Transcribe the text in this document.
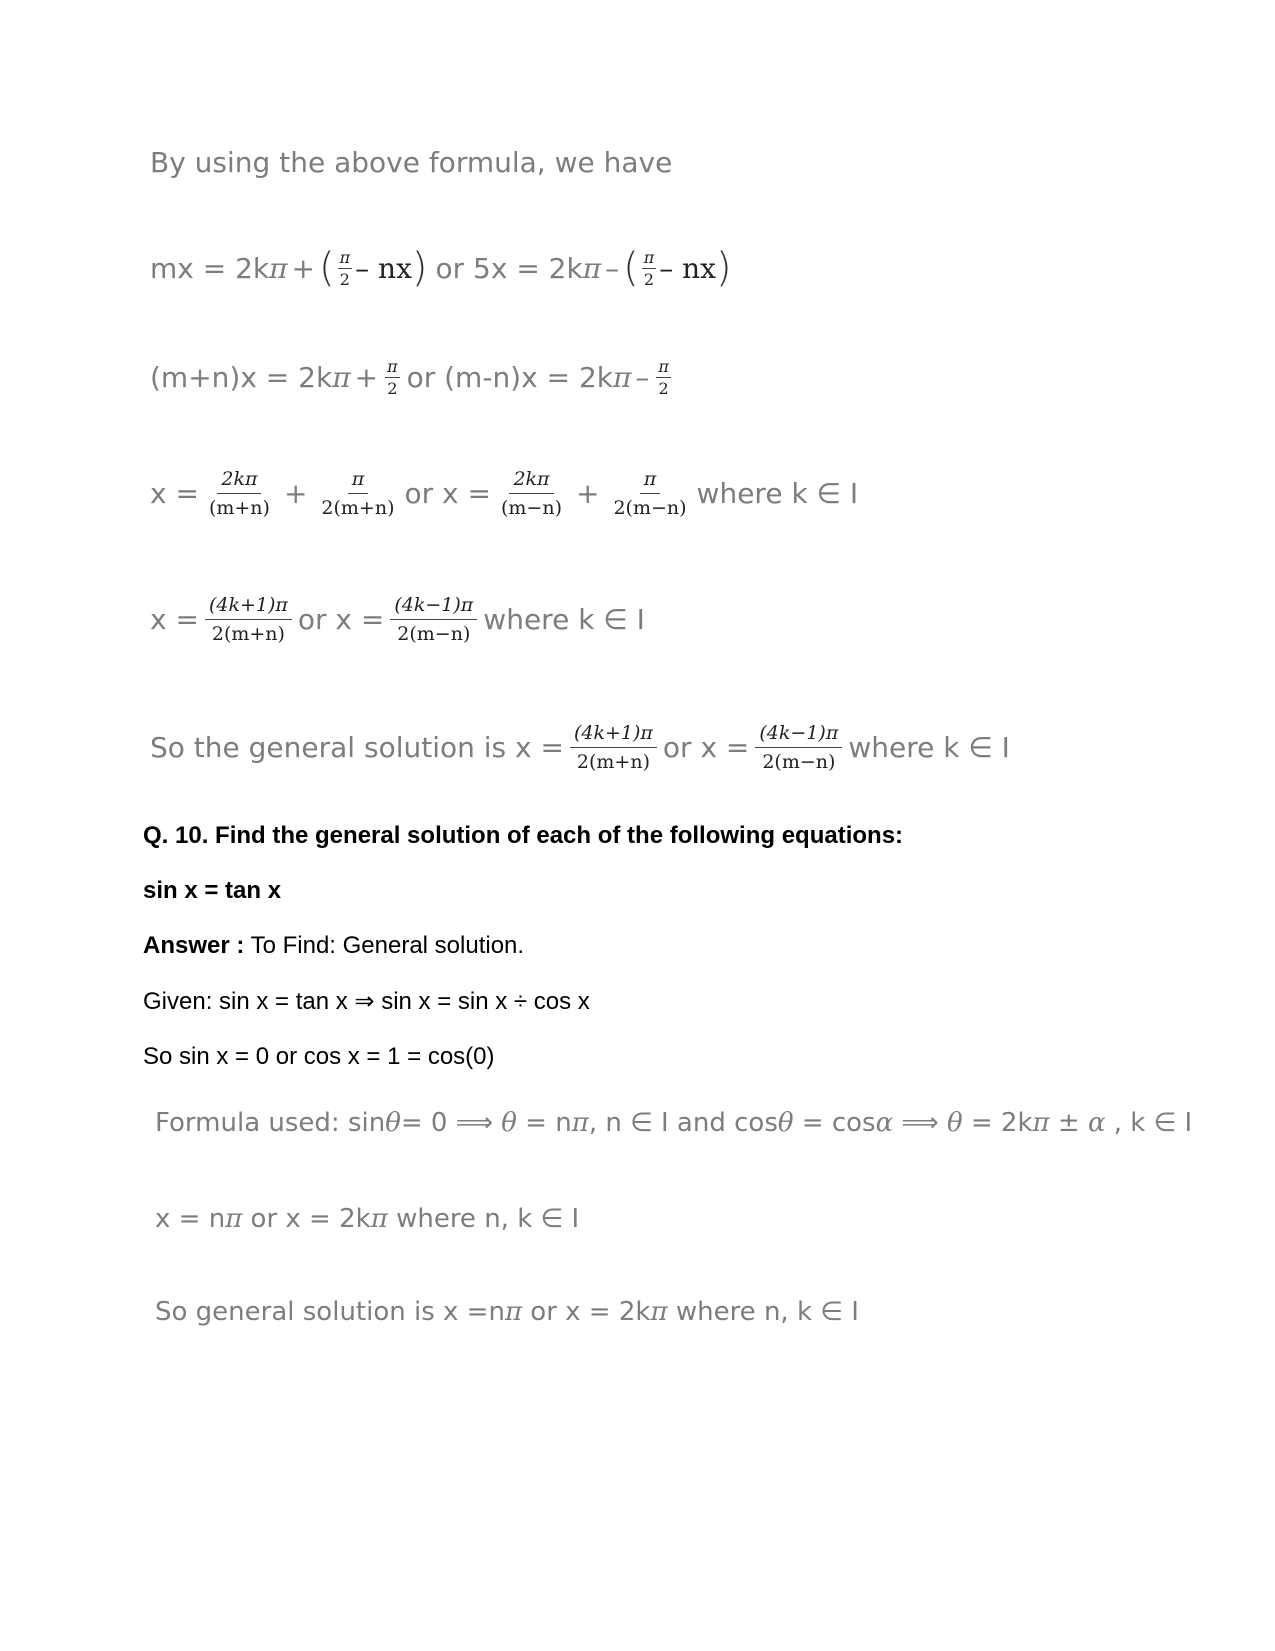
By using the above formula, we have
mx = 2k π + ( $\frac{\pi}{2}$ – nx ) or 5x = 2k π – ( $\frac{\pi}{2}$ – nx )
(m+n)x = 2k $\pi + \frac{\pi}{2}$ or (m-n)x = 2k π – $\frac{\pi}{2}$
$x = \frac{2k\pi}{(m+n)} + \frac{\pi}{2(m+n)}$ or $x = \frac{2k\pi}{(m-n)} + \frac{\pi}{2(m-n)}$ where k ∈ I
$x = \frac{(4k+1)\pi}{2(m+n)}$ or $x = \frac{(4k-1)\pi}{2(m-n)}$ where k ∈ I
So the general solution is $x = \frac{(4k+1)\pi}{2(m+n)}$ or $x = \frac{(4k-1)\pi}{2(m-n)}$ where k ∈ I
Q. 10. Find the general solution of each of the following equations:
sin x = tan x
Answer : To Find: General solution.
Given: sin x = tan x ⇒ sin x = sin x ÷ cos x
So sin x = 0 or cos x = 1 = cos(0)
Formula used: sinθ= 0 ⟹ θ = nπ, n ∈ I and cosθ = cosα ⟹ θ = 2kπ ± α , k ∈ I
x = nπ or x = 2kπ where n, k ∈ I
So general solution is x =nπ or x = 2kπ where n, k ∈ I
